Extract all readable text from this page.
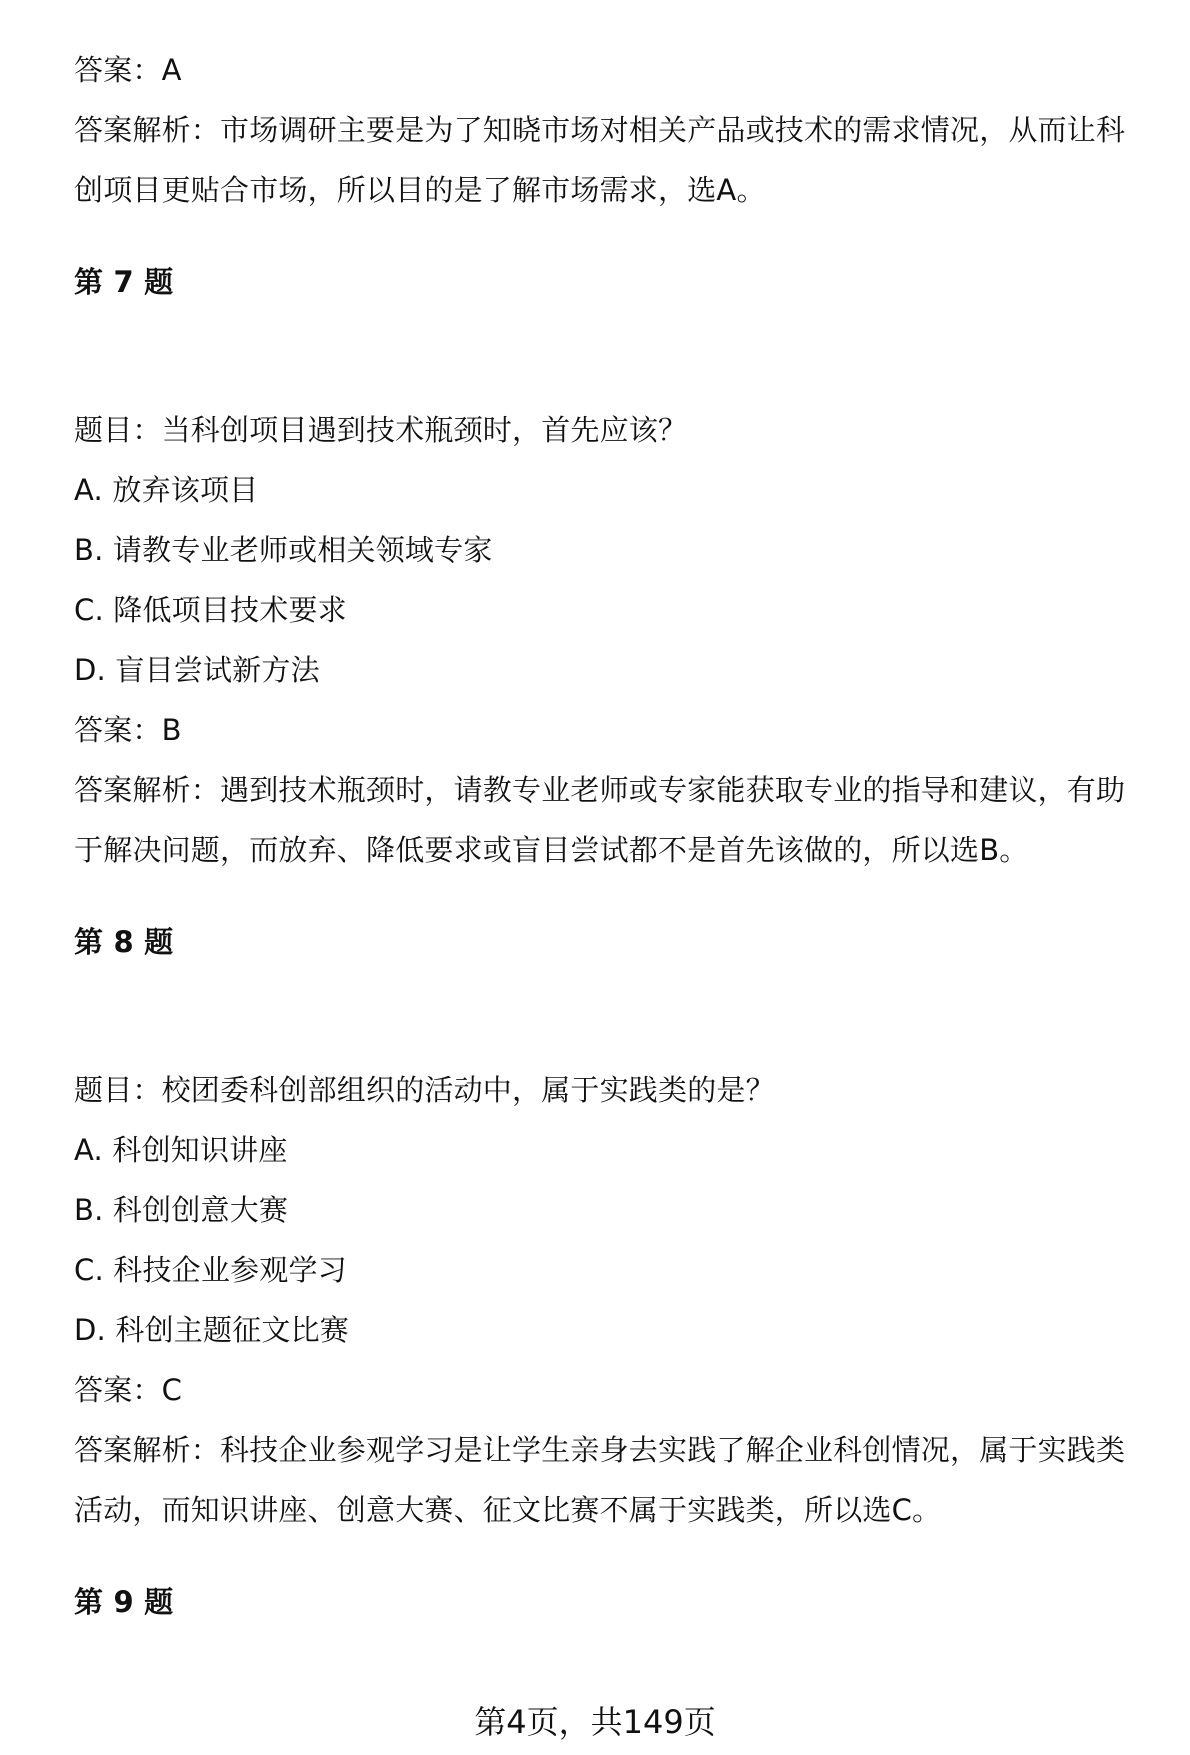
答案：A
答案解析：市场调研主要是为了知晓市场对相关产品或技术的需求情况，从而让科
创项目更贴合市场，所以目的是了解市场需求，选A。
第 7 题
题目：当科创项目遇到技术瓶颈时，首先应该？
A. 放弃该项目
B. 请教专业老师或相关领域专家
C. 降低项目技术要求
D. 盲目尝试新方法
答案：B
答案解析：遇到技术瓶颈时，请教专业老师或专家能获取专业的指导和建议，有助
于解决问题，而放弃、降低要求或盲目尝试都不是首先该做的，所以选B。
第 8 题
题目：校团委科创部组织的活动中，属于实践类的是？
A. 科创知识讲座
B. 科创创意大赛
C. 科技企业参观学习
D. 科创主题征文比赛
答案：C
答案解析：科技企业参观学习是让学生亲身去实践了解企业科创情况，属于实践类
活动，而知识讲座、创意大赛、征文比赛不属于实践类，所以选C。
第 9 题
第4页，共149页
